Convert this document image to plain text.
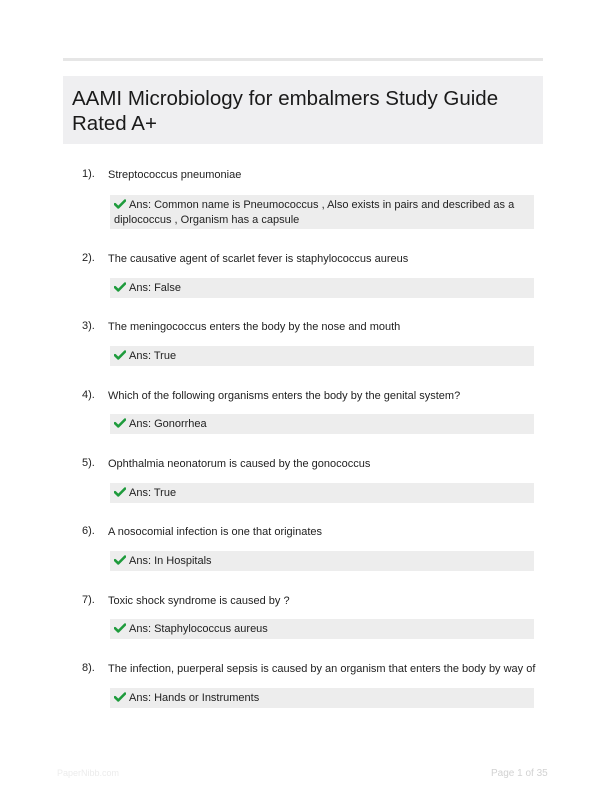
AAMI Microbiology for embalmers Study Guide Rated A+
1). Streptococcus pneumoniae
Ans: Common name is Pneumococcus , Also exists in pairs and described as a diplococcus , Organism has a capsule
2). The causative agent of scarlet fever is staphylococcus aureus
Ans: False
3). The meningococcus enters the body by the nose and mouth
Ans: True
4). Which of the following organisms enters the body by the genital system?
Ans: Gonorrhea
5). Ophthalmia neonatorum is caused by the gonococcus
Ans: True
6). A nosocomial infection is one that originates
Ans: In Hospitals
7). Toxic shock syndrome is caused by ?
Ans: Staphylococcus aureus
8). The infection, puerperal sepsis is caused by an organism that enters the body by way of
Ans: Hands or Instruments
PaperNibb.com	Page 1 of 35
